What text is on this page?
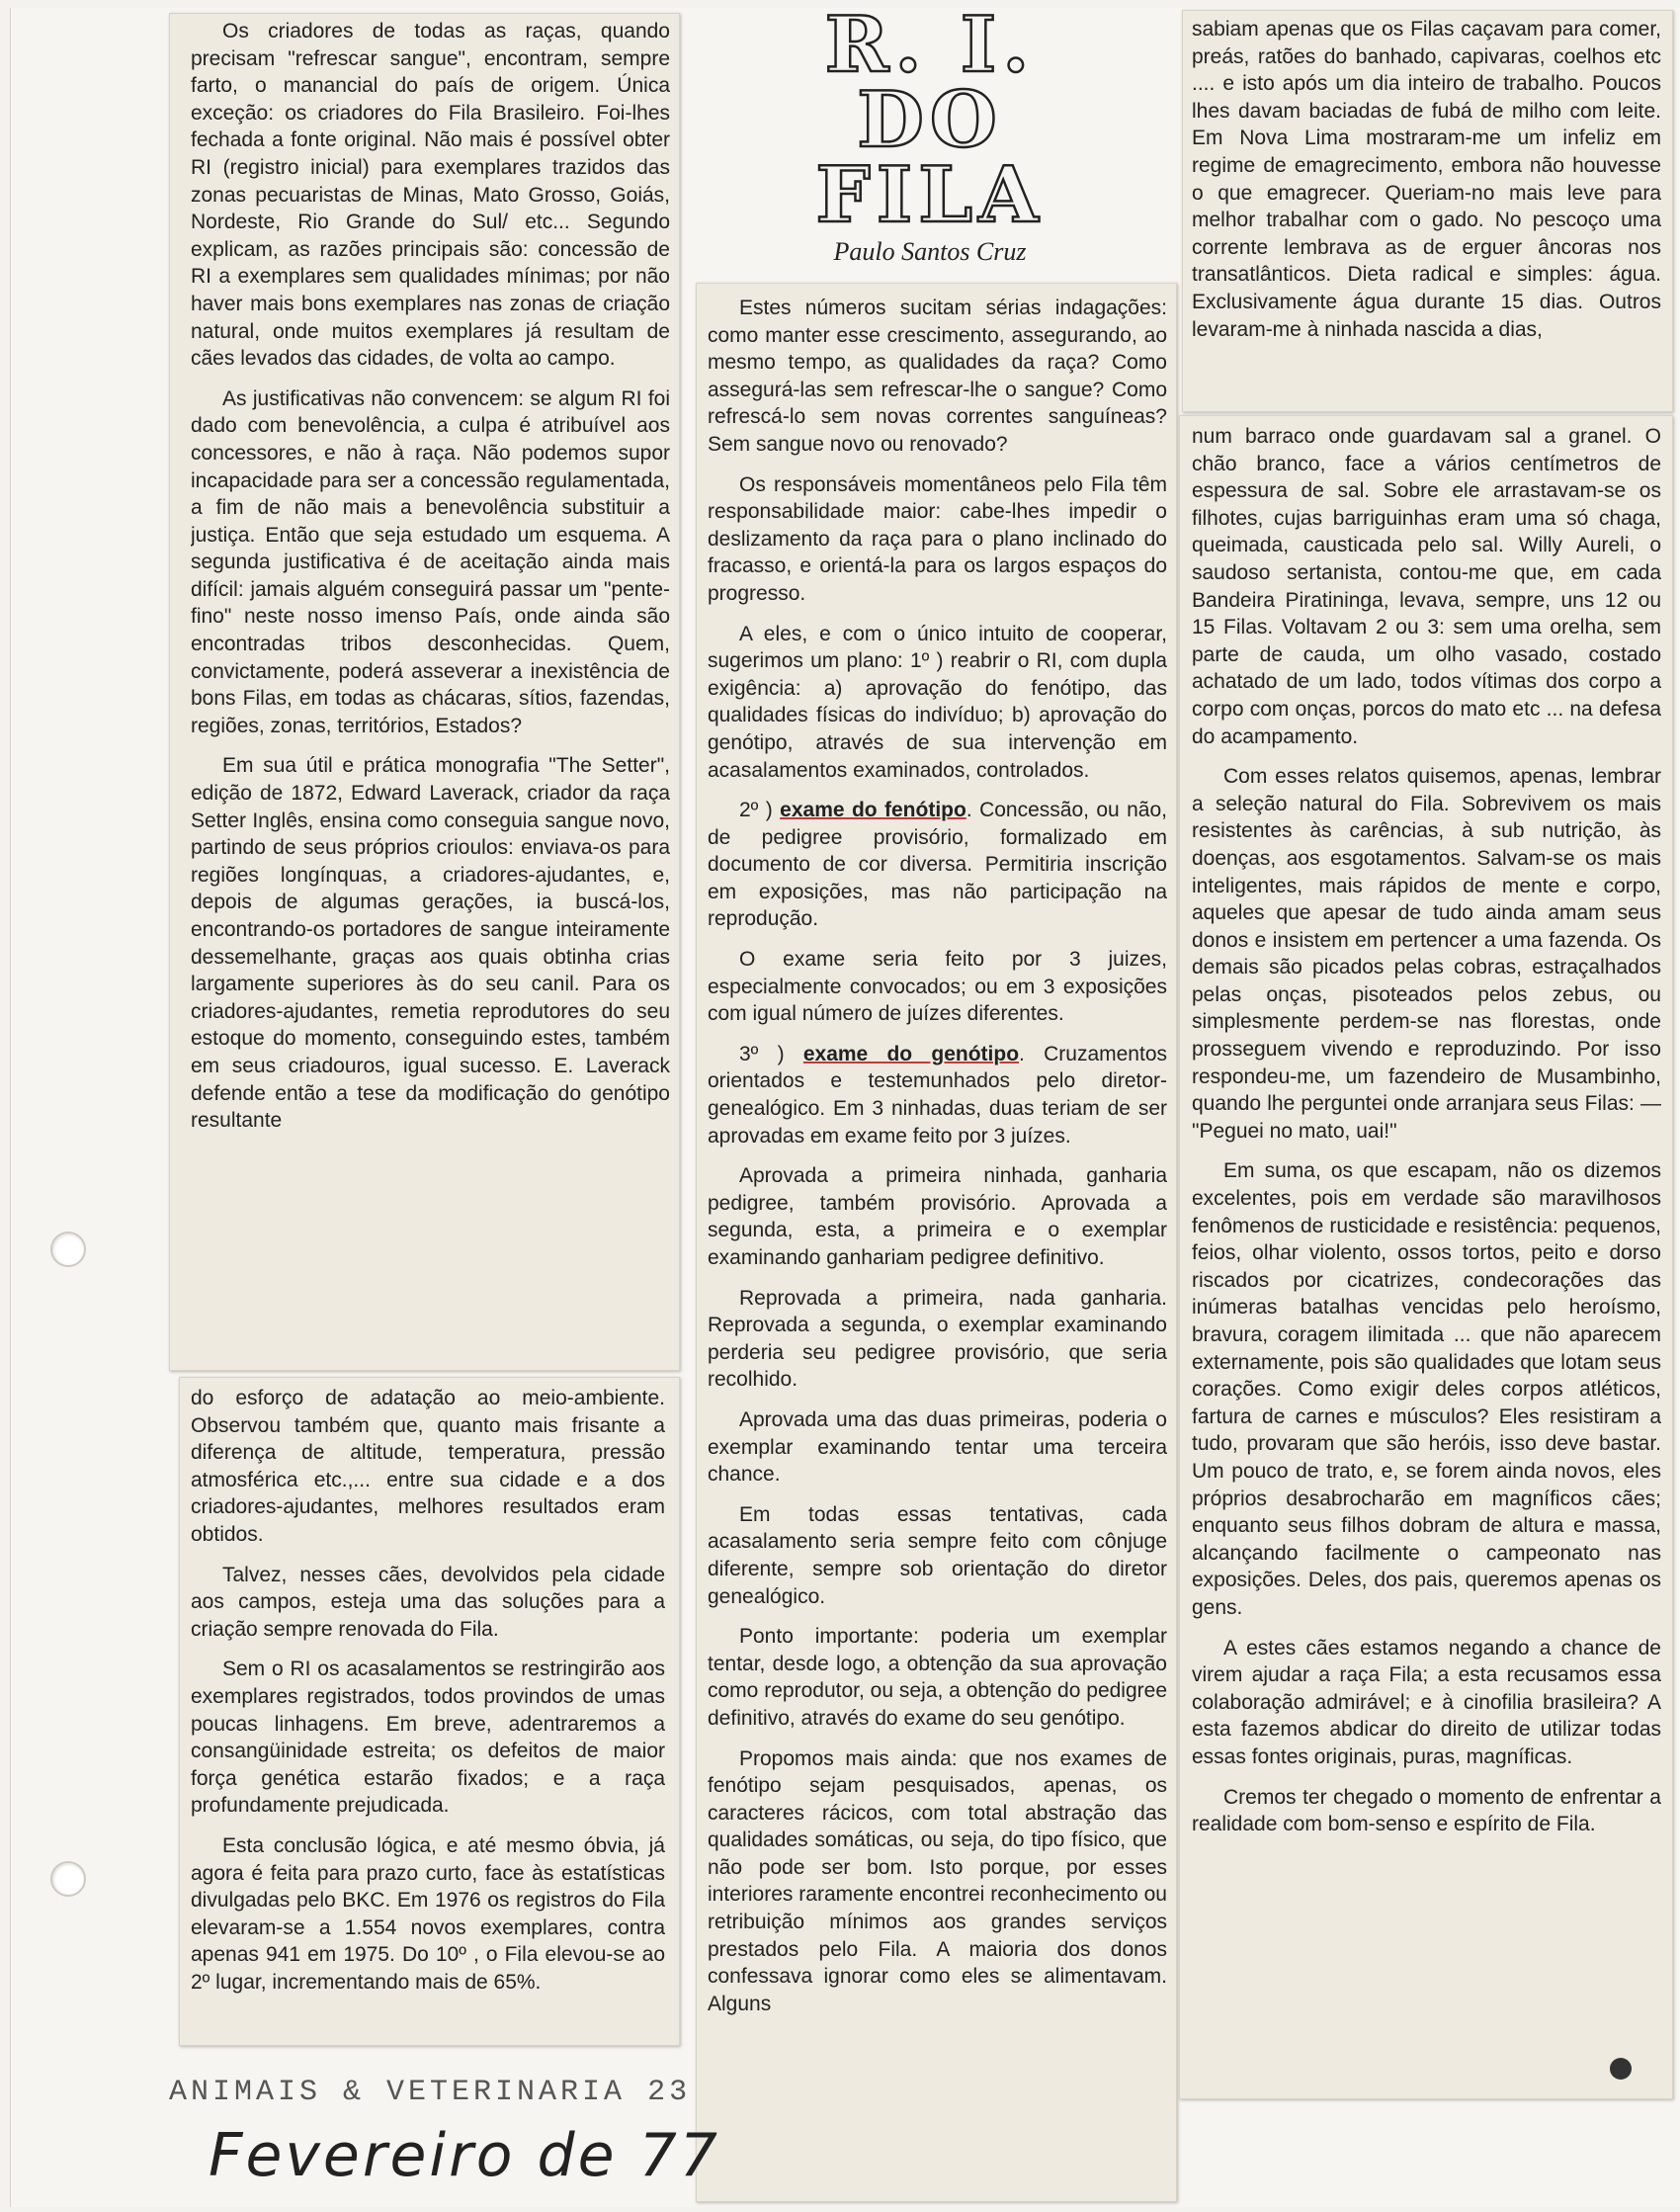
Os criadores de todas as raças, quando precisam "refrescar sangue", encontram, sempre farto, o manancial do país de origem. Única exceção: os criadores do Fila Brasileiro. Foi-lhes fechada a fonte original. Não mais é possível obter RI (registro inicial) para exemplares trazidos das zonas pecuaristas de Minas, Mato Grosso, Goiás, Nordeste, Rio Grande do Sul/ etc... Segundo explicam, as razões principais são: concessão de RI a exemplares sem qualidades mínimas; por não haver mais bons exemplares nas zonas de criação natural, onde muitos exemplares já resultam de cães levados das cidades, de volta ao campo.

As justificativas não convencem: se algum RI foi dado com benevolência, a culpa é atribuível aos concessores, e não à raça. Não podemos supor incapacidade para ser a concessão regulamentada, a fim de não mais a benevolência substituir a justiça. Então que seja estudado um esquema. A segunda justificativa é de aceitação ainda mais difícil: jamais alguém conseguirá passar um "pente-fino" neste nosso imenso País, onde ainda são encontradas tribos desconhecidas. Quem, convictamente, poderá asseverar a inexistência de bons Filas, em todas as chácaras, sítios, fazendas, regiões, zonas, territórios, Estados?

Em sua útil e prática monografia "The Setter", edição de 1872, Edward Laverack, criador da raça Setter Inglês, ensina como conseguia sangue novo, partindo de seus próprios crioulos: enviava-os para regiões longínquas, a criadores-ajudantes, e, depois de algumas gerações, ia buscá-los, encontrando-os portadores de sangue inteiramente dessemelhante, graças aos quais obtinha crias largamente superiores às do seu canil. Para os criadores-ajudantes, remetia reprodutores do seu estoque do momento, conseguindo estes, também em seus criadouros, igual sucesso. E. Laverack defende então a tese da modificação do genótipo resultante

do esforço de adatação ao meio-ambiente. Observou também que, quanto mais frisante a diferença de altitude, temperatura, pressão atmosférica etc.,... entre sua cidade e a dos criadores-ajudantes, melhores resultados eram obtidos.

Talvez, nesses cães, devolvidos pela cidade aos campos, esteja uma das soluções para a criação sempre renovada do Fila.

Sem o RI os acasalamentos se restringirão aos exemplares registrados, todos provindos de umas poucas linhagens. Em breve, adentraremos a consangüinidade estreita; os defeitos de maior força genética estarão fixados; e a raça profundamente prejudicada.

Esta conclusão lógica, e até mesmo óbvia, já agora é feita para prazo curto, face às estatísticas divulgadas pelo BKC. Em 1976 os registros do Fila elevaram-se a 1.554 novos exemplares, contra apenas 941 em 1975. Do 10º , o Fila elevou-se ao 2º lugar, incrementando mais de 65%.

R. I.
DO
FILA
Paulo Santos Cruz

Estes números sucitam sérias indagações: como manter esse crescimento, assegurando, ao mesmo tempo, as qualidades da raça? Como assegurá-las sem refrescar-lhe o sangue? Como refrescá-lo sem novas correntes sanguíneas? Sem sangue novo ou renovado?

Os responsáveis momentâneos pelo Fila têm responsabilidade maior: cabe-lhes impedir o deslizamento da raça para o plano inclinado do fracasso, e orientá-la para os largos espaços do progresso.

A eles, e com o único intuito de cooperar, sugerimos um plano: 1º ) reabrir o RI, com dupla exigência: a) aprovação do fenótipo, das qualidades físicas do indivíduo; b) aprovação do genótipo, através de sua intervenção em acasalamentos examinados, controlados.

2º ) exame do fenótipo. Concessão, ou não, de pedigree provisório, formalizado em documento de cor diversa. Permitiria inscrição em exposições, mas não participação na reprodução.

O exame seria feito por 3 juizes, especialmente convocados; ou em 3 exposições com igual número de juízes diferentes.

3º ) exame do genótipo. Cruzamentos orientados e testemunhados pelo diretor-genealógico. Em 3 ninhadas, duas teriam de ser aprovadas em exame feito por 3 juízes.

Aprovada a primeira ninhada, ganharia pedigree, também provisório. Aprovada a segunda, esta, a primeira e o exemplar examinando ganhariam pedigree definitivo.

Reprovada a primeira, nada ganharia. Reprovada a segunda, o exemplar examinando perderia seu pedigree provisório, que seria recolhido.

Aprovada uma das duas primeiras, poderia o exemplar examinando tentar uma terceira chance.

Em todas essas tentativas, cada acasalamento seria sempre feito com cônjuge diferente, sempre sob orientação do diretor genealógico.

Ponto importante: poderia um exemplar tentar, desde logo, a obtenção da sua aprovação como reprodutor, ou seja, a obtenção do pedigree definitivo, através do exame do seu genótipo.

Propomos mais ainda: que nos exames de fenótipo sejam pesquisados, apenas, os caracteres rácicos, com total abstração das qualidades somáticas, ou seja, do tipo físico, que não pode ser bom. Isto porque, por esses interiores raramente encontrei reconhecimento ou retribuição mínimos aos grandes serviços prestados pelo Fila. A maioria dos donos confessava ignorar como eles se alimentavam. Alguns

sabiam apenas que os Filas caçavam para comer, preás, ratões do banhado, capivaras, coelhos etc .... e isto após um dia inteiro de trabalho. Poucos lhes davam baciadas de fubá de milho com leite. Em Nova Lima mostraram-me um infeliz em regime de emagrecimento, embora não houvesse o que emagrecer. Queriam-no mais leve para melhor trabalhar com o gado. No pescoço uma corrente lembrava as de erguer âncoras nos transatlânticos. Dieta radical e simples: água. Exclusivamente água durante 15 dias. Outros levaram-me à ninhada nascida a dias,

num barraco onde guardavam sal a granel. O chão branco, face a vários centímetros de espessura de sal. Sobre ele arrastavam-se os filhotes, cujas barriguinhas eram uma só chaga, queimada, causticada pelo sal. Willy Aureli, o saudoso sertanista, contou-me que, em cada Bandeira Piratininga, levava, sempre, uns 12 ou 15 Filas. Voltavam 2 ou 3: sem uma orelha, sem parte de cauda, um olho vasado, costado achatado de um lado, todos vítimas dos corpo a corpo com onças, porcos do mato etc ... na defesa do acampamento.

Com esses relatos quisemos, apenas, lembrar a seleção natural do Fila. Sobrevivem os mais resistentes às carências, à sub nutrição, às doenças, aos esgotamentos. Salvam-se os mais inteligentes, mais rápidos de mente e corpo, aqueles que apesar de tudo ainda amam seus donos e insistem em pertencer a uma fazenda. Os demais são picados pelas cobras, estraçalhados pelas onças, pisoteados pelos zebus, ou simplesmente perdem-se nas florestas, onde prosseguem vivendo e reproduzindo. Por isso respondeu-me, um fazendeiro de Musambinho, quando lhe perguntei onde arranjara seus Filas: — "Peguei no mato, uai!"

Em suma, os que escapam, não os dizemos excelentes, pois em verdade são maravilhosos fenômenos de rusticidade e resistência: pequenos, feios, olhar violento, ossos tortos, peito e dorso riscados por cicatrizes, condecorações das inúmeras batalhas vencidas pelo heroísmo, bravura, coragem ilimitada ... que não aparecem externamente, pois são qualidades que lotam seus corações. Como exigir deles corpos atléticos, fartura de carnes e músculos? Eles resistiram a tudo, provaram que são heróis, isso deve bastar. Um pouco de trato, e, se forem ainda novos, eles próprios desabrocharão em magníficos cães; enquanto seus filhos dobram de altura e massa, alcançando facilmente o campeonato nas exposições. Deles, dos pais, queremos apenas os gens.

A estes cães estamos negando a chance de virem ajudar a raça Fila; a esta recusamos essa colaboração admirável; e à cinofilia brasileira? A esta fazemos abdicar do direito de utilizar todas essas fontes originais, puras, magníficas.

Cremos ter chegado o momento de enfrentar a realidade com bom-senso e espírito de Fila.

ANIMAIS & VETERINARIA 23
Fevereiro de 77
